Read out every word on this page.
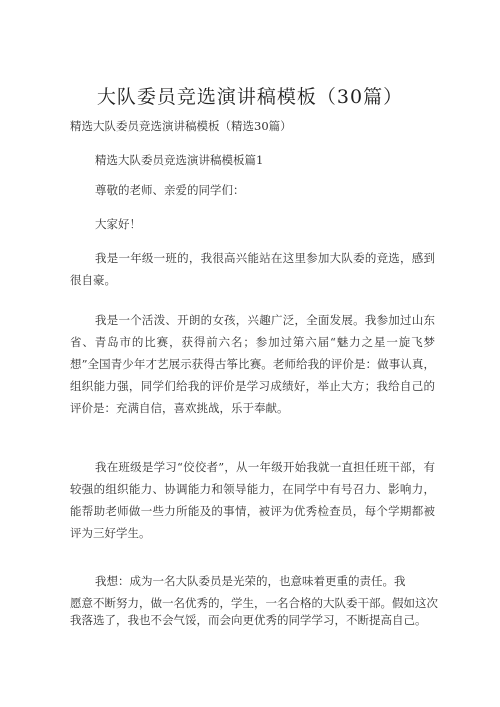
大队委员竞选演讲稿模板（30篇）
精选大队委员竞选演讲稿模板（精选30篇）
精选大队委员竞选演讲稿模板篇1
尊敬的老师、亲爱的同学们：
大家好！
我是一年级一班的，我很高兴能站在这里参加大队委的竞选，感到很自豪。
我是一个活泼、开朗的女孩，兴趣广泛，全面发展。我参加过山东省、青岛市的比赛，获得前六名；参加过第六届“魅力之星一旋飞梦想”全国青少年才艺展示获得古筝比赛。老师给我的评价是：做事认真，组织能力强，同学们给我的评价是学习成绩好，举止大方；我给自己的评价是：充满自信，喜欢挑战，乐于奉献。
我在班级是学习“佼佼者”，从一年级开始我就一直担任班干部，有较强的组织能力、协调能力和领导能力，在同学中有号召力、影响力，能帮助老师做一些力所能及的事情，被评为优秀检查员，每个学期都被评为三好学生。
我想：成为一名大队委员是光荣的，也意味着更重的责任。我
愿意不断努力，做一名优秀的，学生，一名合格的大队委干部。假如这次
我落选了，我也不会气馁，而会向更优秀的同学学习，不断提高自己。
